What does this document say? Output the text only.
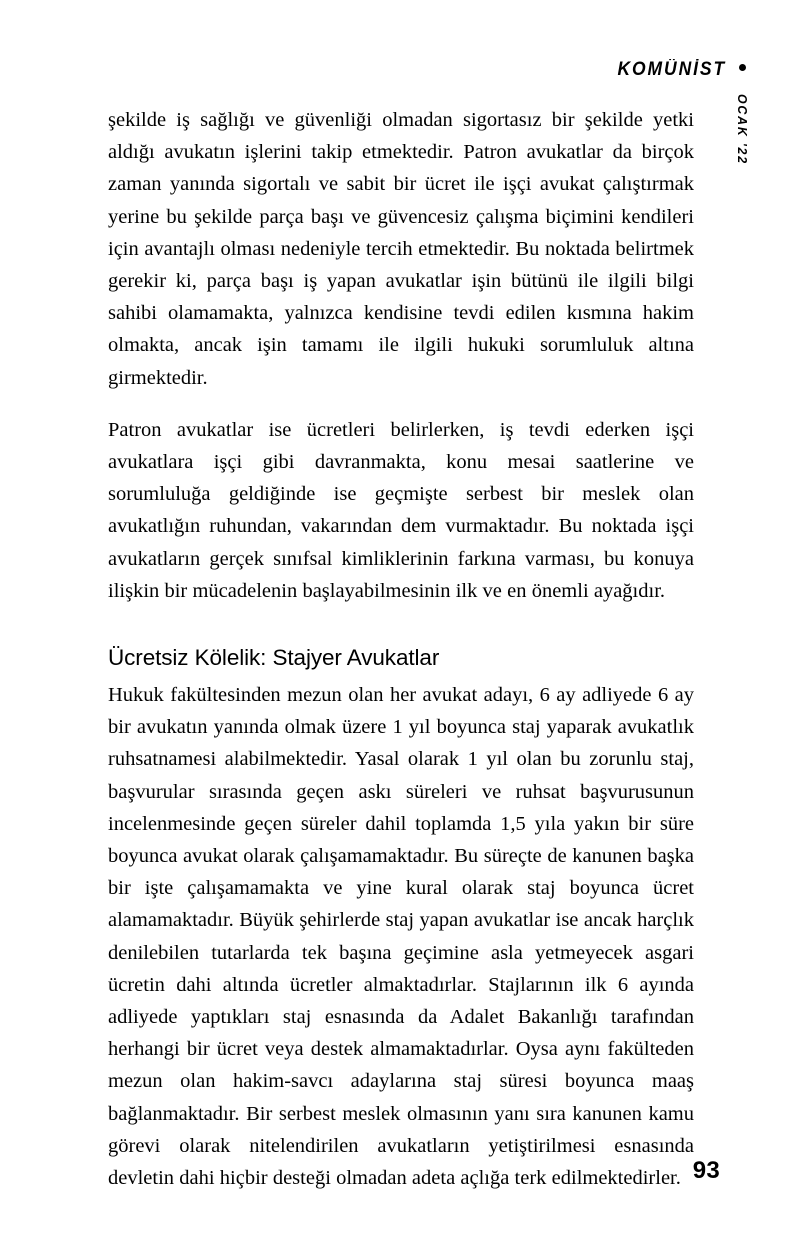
KOMÜNİST
OCAK '22

şekilde iş sağlığı ve güvenliği olmadan sigortasız bir şekilde yetki aldığı avukatın işlerini takip etmektedir. Patron avukatlar da birçok zaman yanında sigortalı ve sabit bir ücret ile işçi avukat çalıştırmak yerine bu şekilde parça başı ve güvencesiz çalışma biçimini kendileri için avantajlı olması nedeniyle tercih etmektedir. Bu noktada belirtmek gerekir ki, parça başı iş yapan avukatlar işin bütünü ile ilgili bilgi sahibi olamamakta, yalnızca kendisine tevdi edilen kısmına hakim olmakta, ancak işin tamamı ile ilgili hukuki sorumluluk altına girmektedir.

Patron avukatlar ise ücretleri belirlerken, iş tevdi ederken işçi avukatlara işçi gibi davranmakta, konu mesai saatlerine ve sorumluluğa geldiğinde ise geçmişte serbest bir meslek olan avukatlığın ruhundan, vakarından dem vurmaktadır. Bu noktada işçi avukatların gerçek sınıfsal kimliklerinin farkına varması, bu konuya ilişkin bir mücadelenin başlayabilmesinin ilk ve en önemli ayağıdır.

Ücretsiz Kölelik: Stajyer Avukatlar

Hukuk fakültesinden mezun olan her avukat adayı, 6 ay adliyede 6 ay bir avukatın yanında olmak üzere 1 yıl boyunca staj yaparak avukatlık ruhsatnamesi alabilmektedir. Yasal olarak 1 yıl olan bu zorunlu staj, başvurular sırasında geçen askı süreleri ve ruhsat başvurusunun incelenmesinde geçen süreler dahil toplamda 1,5 yıla yakın bir süre boyunca avukat olarak çalışamamaktadır. Bu süreçte de kanunen başka bir işte çalışamamakta ve yine kural olarak staj boyunca ücret alamamaktadır. Büyük şehirlerde staj yapan avukatlar ise ancak harçlık denilebilen tutarlarda tek başına geçimine asla yetmeyecek asgari ücretin dahi altında ücretler almaktadırlar. Stajlarının ilk 6 ayında adliyede yaptıkları staj esnasında da Adalet Bakanlığı tarafından herhangi bir ücret veya destek almamaktadırlar. Oysa aynı fakülteden mezun olan hakim-savcı adaylarına staj süresi boyunca maaş bağlanmaktadır. Bir serbest meslek olmasının yanı sıra kanunen kamu görevi olarak nitelendirilen avukatların yetiştirilmesi esnasında devletin dahi hiçbir desteği olmadan adeta açlığa terk edilmektedirler. 93
